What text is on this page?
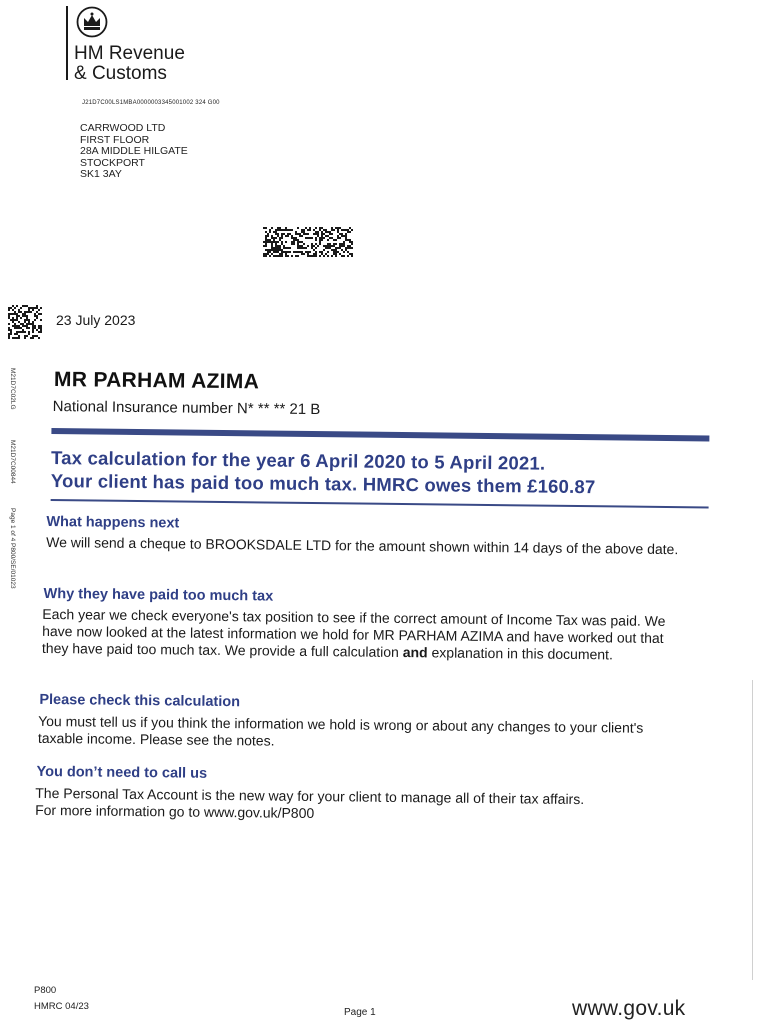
HM Revenue
& Customs
J21D7C00LS1MBA0000003345001002 324 G00
CARRWOOD LTD
FIRST FLOOR
28A MIDDLE HILGATE
STOCKPORT
SK1 3AY
23 July 2023
M21D7C02LG
M21D7C00844
Page 1 of 4 P800/SE/01023
MR PARHAM AZIMA
National Insurance number N* ** ** 21 B
Tax calculation for the year 6 April 2020 to 5 April 2021.
Your client has paid too much tax. HMRC owes them £160.87
What happens next
We will send a cheque to BROOKSDALE LTD for the amount shown within 14 days of the above date.
Why they have paid too much tax
Each year we check everyone's tax position to see if the correct amount of Income Tax was paid. We have now looked at the latest information we hold for MR PARHAM AZIMA and have worked out that they have paid too much tax. We provide a full calculation and explanation in this document.
Please check this calculation
You must tell us if you think the information we hold is wrong or about any changes to your client's taxable income. Please see the notes.
You don’t need to call us
The Personal Tax Account is the new way for your client to manage all of their tax affairs.
For more information go to www.gov.uk/P800
P800
HMRC 04/23
Page 1	www.gov.uk
